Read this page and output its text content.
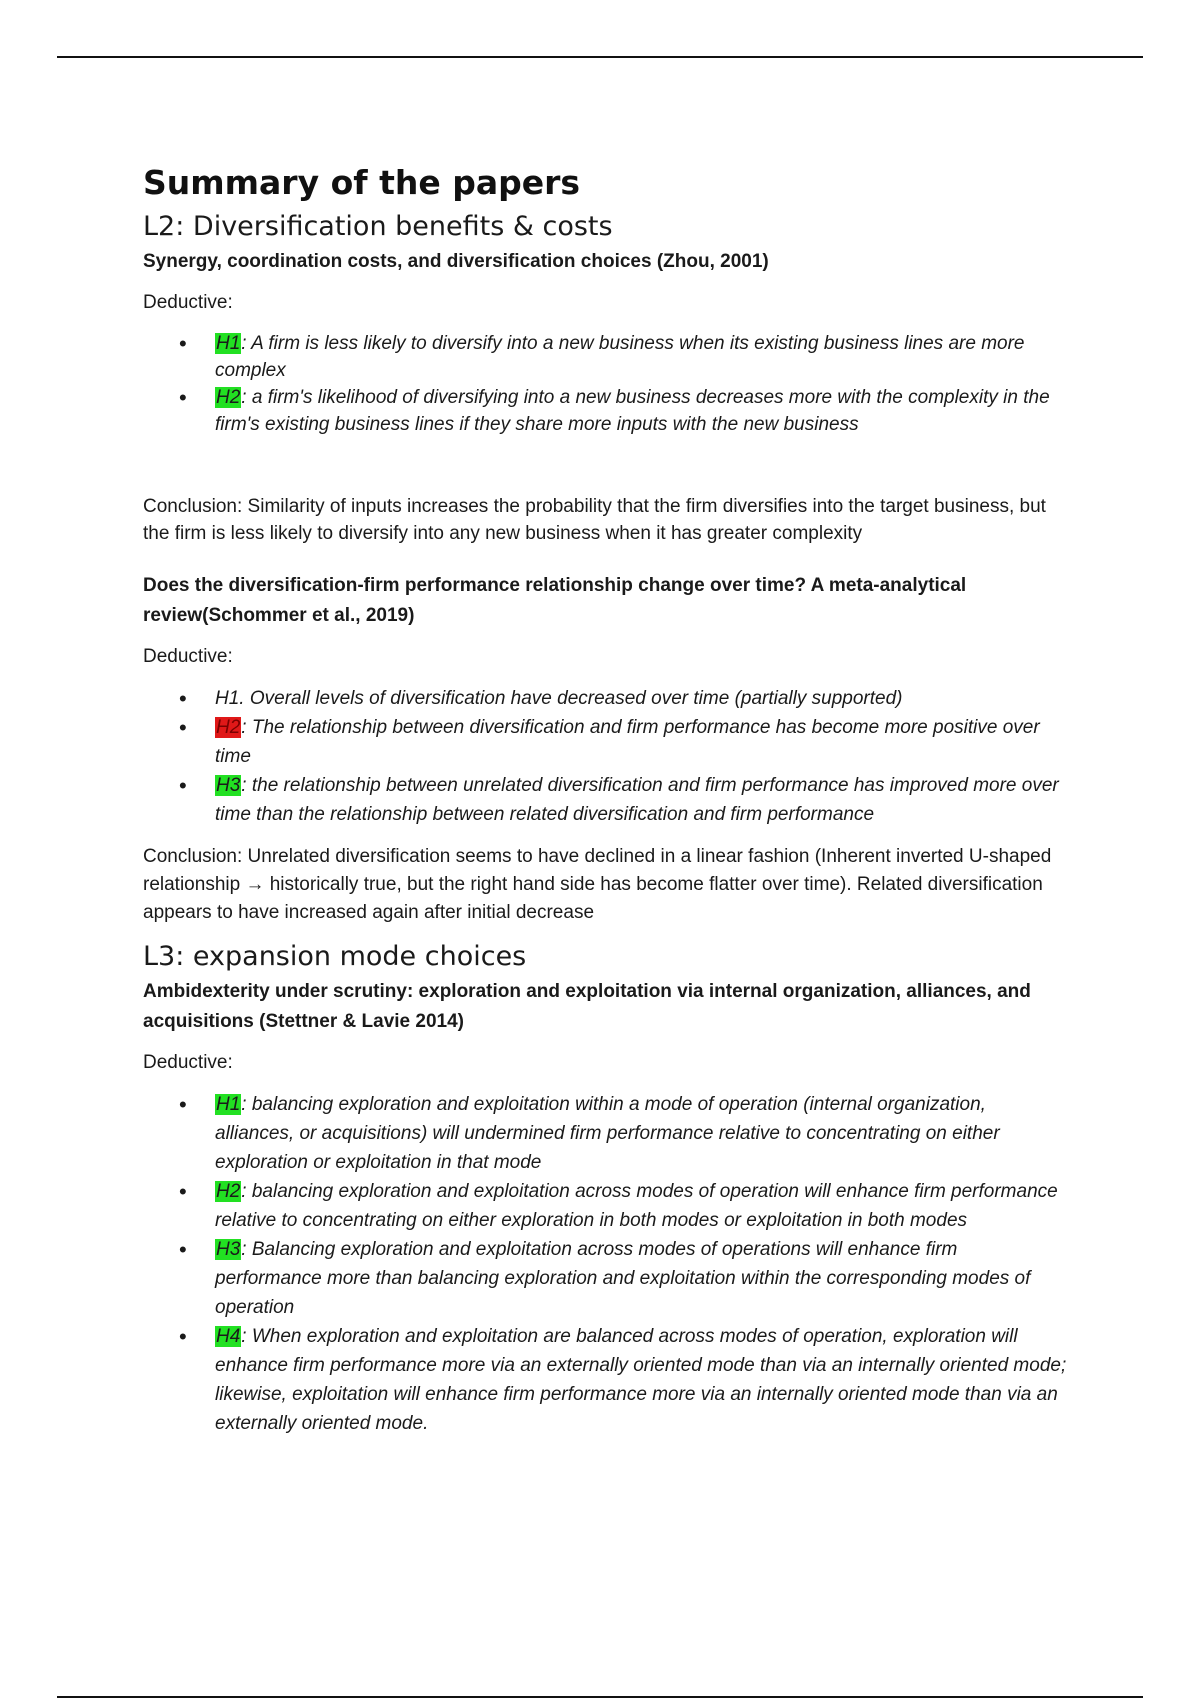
Summary of the papers
L2: Diversification benefits & costs

Synergy, coordination costs, and diversification choices (Zhou, 2001)

Deductive:

• H1: A firm is less likely to diversify into a new business when its existing business lines are more complex
• H2: a firm's likelihood of diversifying into a new business decreases more with the complexity in the firm's existing business lines if they share more inputs with the new business

Conclusion: Similarity of inputs increases the probability that the firm diversifies into the target business, but the firm is less likely to diversify into any new business when it has greater complexity

Does the diversification-firm performance relationship change over time? A meta-analytical review(Schommer et al., 2019)

Deductive:

• H1. Overall levels of diversification have decreased over time (partially supported)
• H2: The relationship between diversification and firm performance has become more positive over time
• H3: the relationship between unrelated diversification and firm performance has improved more over time than the relationship between related diversification and firm performance

Conclusion: Unrelated diversification seems to have declined in a linear fashion (Inherent inverted U-shaped relationship → historically true, but the right hand side has become flatter over time). Related diversification appears to have increased again after initial decrease

L3: expansion mode choices

Ambidexterity under scrutiny: exploration and exploitation via internal organization, alliances, and acquisitions (Stettner & Lavie 2014)

Deductive:

• H1: balancing exploration and exploitation within a mode of operation (internal organization, alliances, or acquisitions) will undermined firm performance relative to concentrating on either exploration or exploitation in that mode
• H2: balancing exploration and exploitation across modes of operation will enhance firm performance relative to concentrating on either exploration in both modes or exploitation in both modes
• H3: Balancing exploration and exploitation across modes of operations will enhance firm performance more than balancing exploration and exploitation within the corresponding modes of operation
• H4: When exploration and exploitation are balanced across modes of operation, exploration will enhance firm performance more via an externally oriented mode than via an internally oriented mode; likewise, exploitation will enhance firm performance more via an internally oriented mode than via an externally oriented mode.
